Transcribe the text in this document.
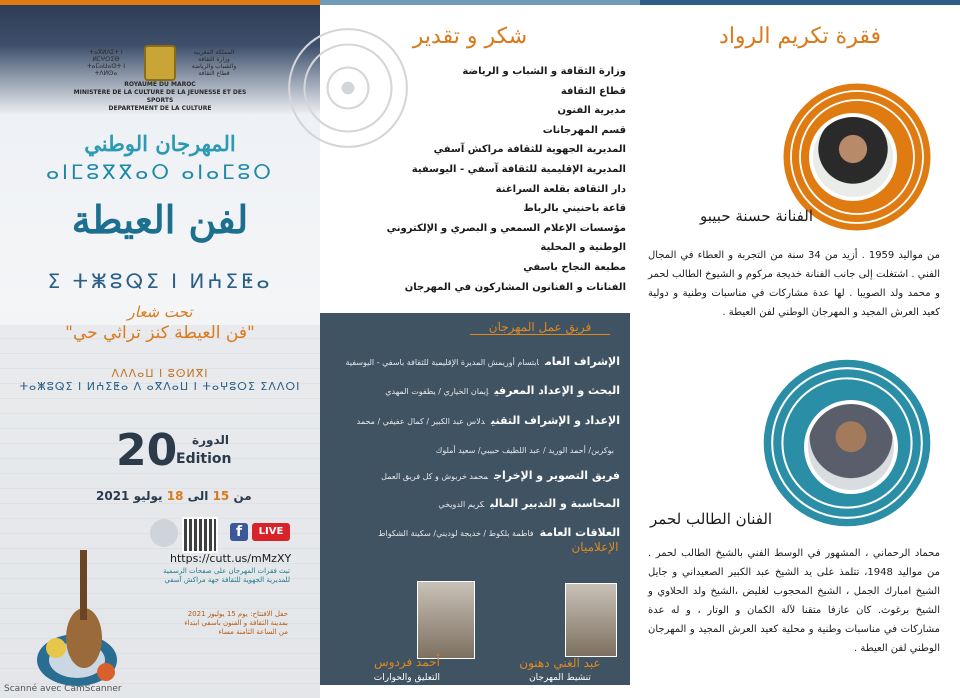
ⵜⴰⴳⵍⴷⵉⵜ ⵏ ⵍⵎⵖⵔⵉⴱ
ⵜⴰⵎⴰⵡⴰⵙⵜ ⵏ ⵜⴷⵍⵙⴰ
المملكة المغربية
وزارة الثقافة
والشباب والرياضة
قطاع الثقافة
ROYAUME DU MAROC
MINISTERE DE LA CULTURE DE LA JEUNESSE ET DES SPORTS
DEPARTEMENT DE LA CULTURE
المهرجان الوطني
ⴰⵏⵎⵓⴳⴳⴰⵔ ⴰⵏⴰⵎⵓⵔ
لفن العيطة
ⵉ ⵜⵥⵓⵕⵉ ⵏ ⵍⵄⵉⵟⴰ
تحت شعار
"فن العيطة كنز تراثي حي"
ⴷⴷⴷⴰⵡ ⵏ ⵓⵙⵍⴳⵏ
ⵜⴰⵥⵓⵕⵉ ⵏ ⵍⵄⵉⵟⴰ ⴷ ⴰⴳⴷⴰⵡ ⵏ ⵜⴰⵖⵓⵔⵉ ⵉⴷⴷⵔⵏ
20 الدورة
Edition
من 15 الى 18 يوليو 2021
f	LIVE
https://cutt.us/mMzXY
تبث فقرات المهرجان على صفحات الرسمية للمديرية الجهوية للثقافة جهة مراكش آسفي
حفل الافتتاح: يوم 15 يوليوز 2021 بمدينة الثقافة و الفنون باسفي ابتداء من الساعة الثامنة مساء
Scanné avec CamScanner
شكر و تقدير
وزارة الثقافة و الشباب و الرياضة
قطاع الثقافة
مديرية الفنون
قسم المهرجانات
المديرية الجهوية للثقافة مراكش آسفي
المديرية الإقليمية للثقافة آسفي - اليوسفية
دار الثقافة بقلعة السراغنة
قاعة باحنيني بالرباط
مؤسسات الإعلام السمعي و البصري و الإلكتروني
الوطنية و المحلية
مطبعة النجاح باسفي
الفنانات و الفنانون المشاركون في المهرجان
فريق عمل المهرجان
الإشراف العامابتسام أوريمش المديرة الإقليمية للثقافة باسفي - اليوسفية
البحث و الإعداد المعرفيإيمان الخياري / يطفوت المهدي
الإعداد و الإشراف التقنيدلاس عبد الكبير / كمال عفيفي / محمد
بوكرين/ أحمد الوريد / عبد اللطيف حبيبي/ سعيد أملوك
فريق التصوير و الإخراجمحمد خربوش و كل فريق العمل
المحاسبة و التدبير الماليكريم الدويخي
العلاقات العامةفاطمة بلكوط / خديجة لوديني/ سكينة الشكواط
الإعلاميان
عبد الغني دهنون
تنشيط المهرجان
أحمد فردوس
التعليق والحوارات
فقرة تكريم الرواد
الفنانة حسنة حبيبو
من مواليد 1959 . أزيد من 34 سنة من التجربة و العطاء في المجال الفني . اشتغلت إلى جانب الفنانة خديجة مركوم و الشيوخ الطالب لحمر و محمد ولد الصويبا . لها عدة مشاركات في مناسبات وطنية و دولية كعيد العرش المجيد و المهرجان الوطني لفن العيطة .
الفنان الطالب لحمر
محماد الرحماني ، المشهور في الوسط الفني بالشيخ الطالب لحمر . من مواليد 1948، تتلمذ على يد الشيخ عبد الكبير الصعيداني و جايل الشيخ امبارك الجمل ، الشيخ المحجوب لغليض ،الشيخ ولد الحلاوي و الشيخ برغوث. كان عازفا متقنا لآلة الكمان و الوتار ، و له عدة مشاركات في مناسبات وطنية و محلية كعيد العرش المجيد و المهرجان الوطني لفن العيطة .
